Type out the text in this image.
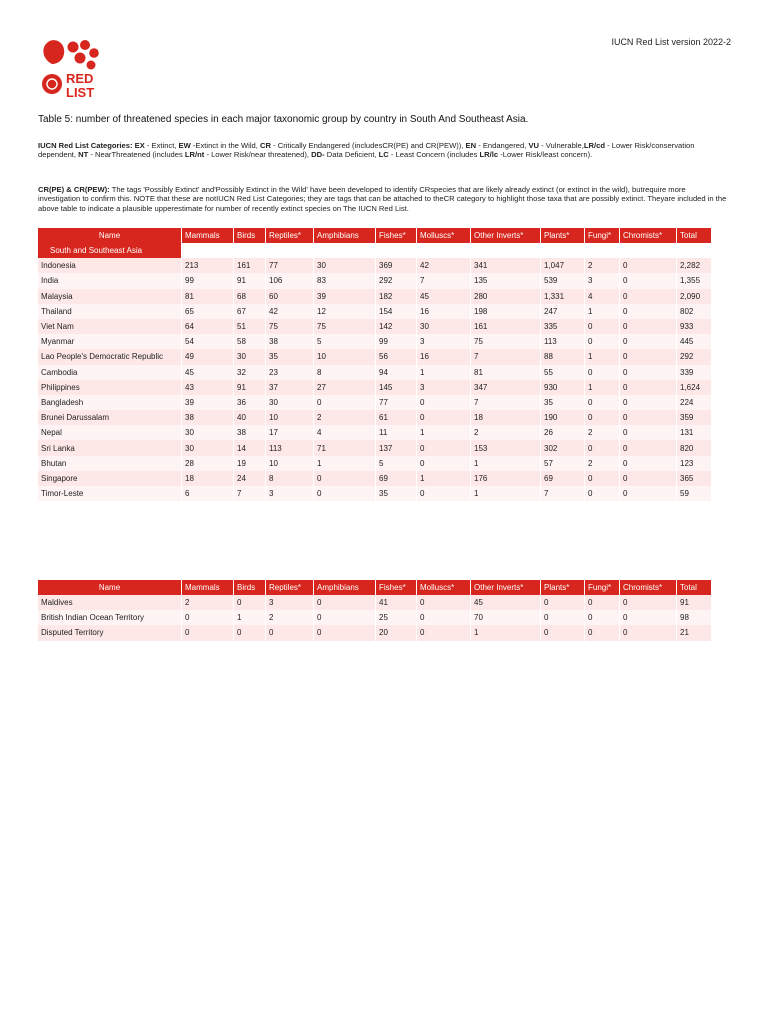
IUCN Red List version 2022-2
RED
LIST
Table 5: number of threatened species in each major taxonomic group by country in South And Southeast Asia.
IUCN Red List Categories: EX - Extinct, EW -Extinct in the Wild, CR - Critically Endangered (includesCR(PE) and CR(PEW)), EN - Endangered, VU - Vulnerable,LR/cd - Lower Risk/conservation dependent, NT - NearThreatened (includes LR/nt - Lower Risk/near threatened), DD- Data Deficient, LC - Least Concern (includes LR/lc -Lower Risk/least concern).
CR(PE) & CR(PEW): The tags 'Possibly Extinct' and'Possibly Extinct in the Wild' have been developed to identify CRspecies that are likely already extinct (or extinct in the wild), butrequire more investigation to confirm this. NOTE that these are notIUCN Red List Categories; they are tags that can be attached to theCR category to highlight those taxa that are possibly extinct. Theyare included in the above table to indicate a plausible upperestimate for number of recently extinct species on The IUCN Red List.
Name	Mammals	Birds	Reptiles*	Amphibians	Fishes*	Molluscs*	Other Inverts*	Plants*	Fungi*	Chromists*	Total
South and Southeast Asia											
Indonesia	213	161	77	30	369	42	341	1,047	2	0	2,282
India	99	91	106	83	292	7	135	539	3	0	1,355
Malaysia	81	68	60	39	182	45	280	1,331	4	0	2,090
Thailand	65	67	42	12	154	16	198	247	1	0	802
Viet Nam	64	51	75	75	142	30	161	335	0	0	933
Myanmar	54	58	38	5	99	3	75	113	0	0	445
Lao People's Democratic Republic	49	30	35	10	56	16	7	88	1	0	292
Cambodia	45	32	23	8	94	1	81	55	0	0	339
Philippines	43	91	37	27	145	3	347	930	1	0	1,624
Bangladesh	39	36	30	0	77	0	7	35	0	0	224
Brunei Darussalam	38	40	10	2	61	0	18	190	0	0	359
Nepal	30	38	17	4	11	1	2	26	2	0	131
Sri Lanka	30	14	113	71	137	0	153	302	0	0	820
Bhutan	28	19	10	1	5	0	1	57	2	0	123
Singapore	18	24	8	0	69	1	176	69	0	0	365
Timor-Leste	6	7	3	0	35	0	1	7	0	0	59
Name	Mammals	Birds	Reptiles*	Amphibians	Fishes*	Molluscs*	Other Inverts*	Plants*	Fungi*	Chromists*	Total
Maldives	2	0	3	0	41	0	45	0	0	0	91
British Indian Ocean Territory	0	1	2	0	25	0	70	0	0	0	98
Disputed Territory	0	0	0	0	20	0	1	0	0	0	21
